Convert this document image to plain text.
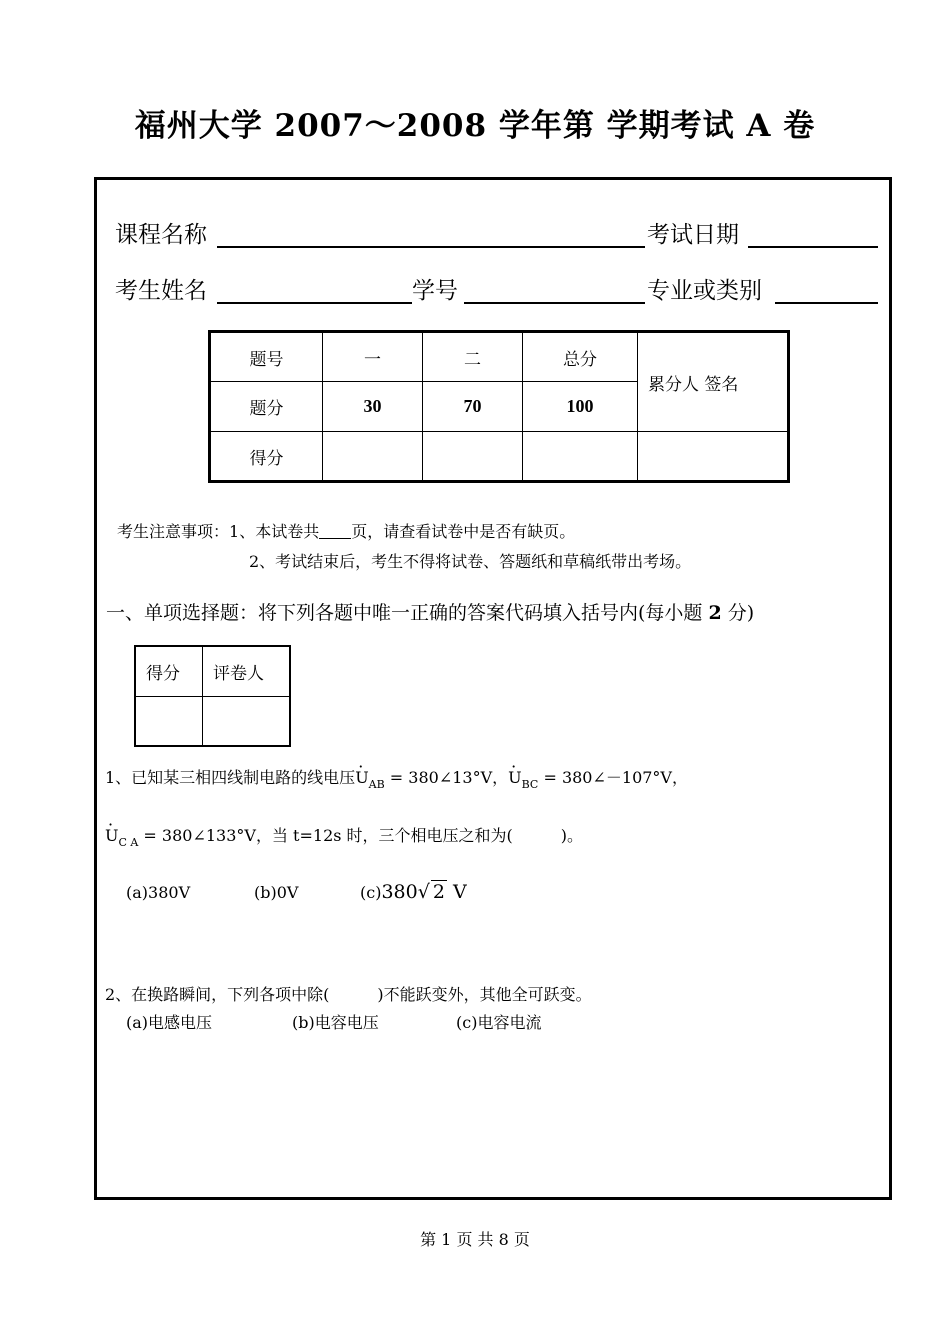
福州大学 2007～2008 学年第 学期考试 A 卷
课程名称	考试日期
考生姓名	学号	专业或类别
题号	一	二	总分	累分人 签名
题分	30	70	100	
得分				
考生注意事项：1、本试卷共 页，请查看试卷中是否有缺页。
2、考试结束后，考生不得将试卷、答题纸和草稿纸带出考场。
一、单项选择题：将下列各题中唯一正确的答案代码填入括号内(每小题 2 分)
得分	评卷人

1、已知某三相四线制电路的线电压· $U_{AB}$ = 380∠13°V，· $U_{BC}$ = 380∠－107°V，
· $U_{C A}$ = 380∠133°V，当 t=12s 时，三个相电压之和为(　　　)。
(a)380V	(b)0V	(c)380√ 2 V
2、在换路瞬间，下列各项中除(　　　)不能跃变外，其他全可跃变。
(a)电感电压	(b)电容电压	(c)电容电流
第 1 页 共 8 页
